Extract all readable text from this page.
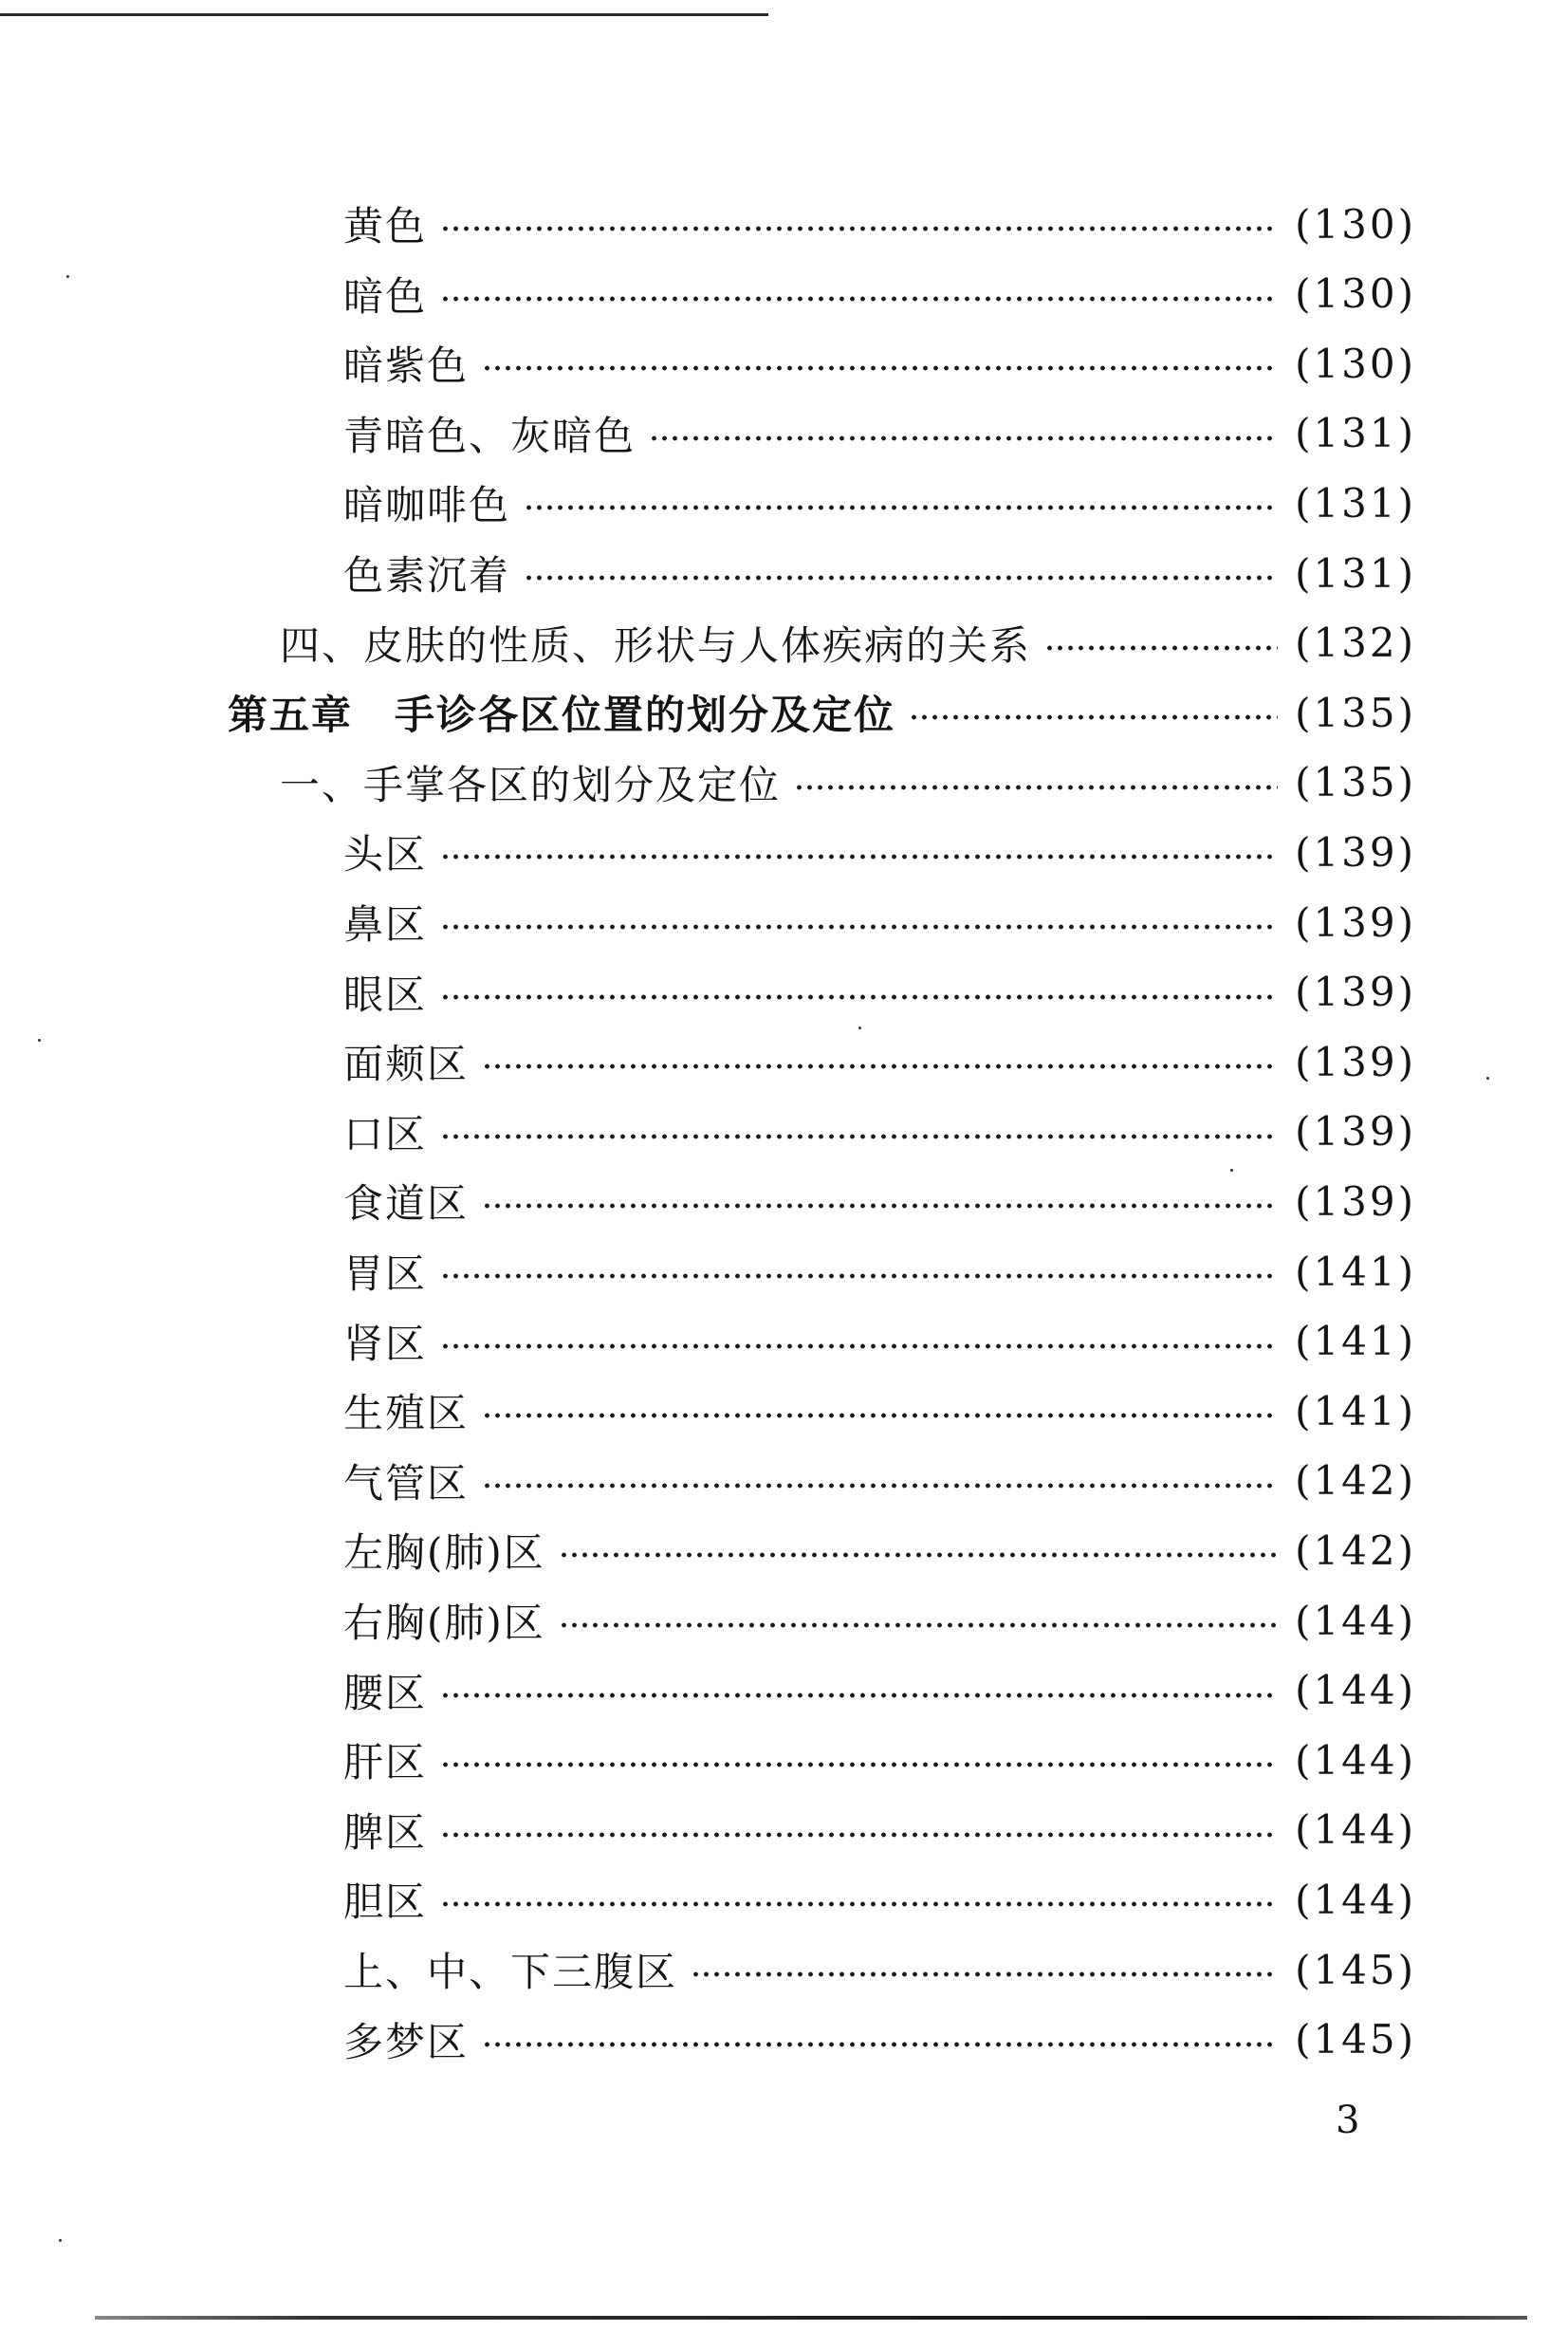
黄色	(130)
暗色	(130)
暗紫色	(130)
青暗色、灰暗色	(131)
暗咖啡色	(131)
色素沉着	(131)
四、皮肤的性质、形状与人体疾病的关系	(132)
第五章　手诊各区位置的划分及定位	(135)
一、手掌各区的划分及定位	(135)
头区	(139)
鼻区	(139)
眼区	(139)
面颊区	(139)
口区	(139)
食道区	(139)
胃区	(141)
肾区	(141)
生殖区	(141)
气管区	(142)
左胸(肺)区	(142)
右胸(肺)区	(144)
腰区	(144)
肝区	(144)
脾区	(144)
胆区	(144)
上、中、下三腹区	(145)
多梦区	(145)
3
